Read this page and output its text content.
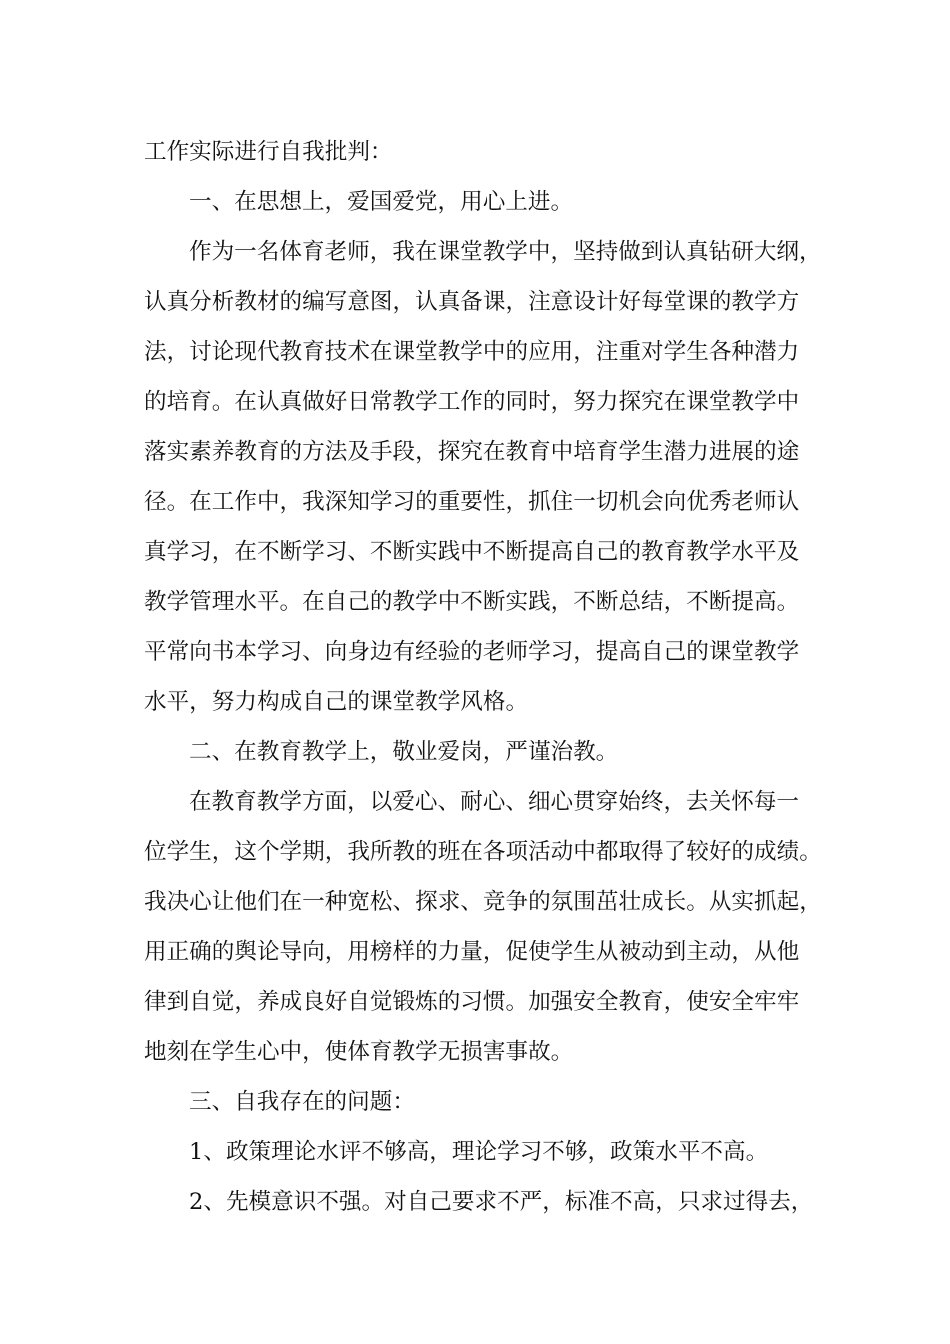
工作实际进行自我批判：

一、在思想上，爱国爱党，用心上进。

作为一名体育老师，我在课堂教学中，坚持做到认真钻研大纲，

认真分析教材的编写意图，认真备课，注意设计好每堂课的教学方

法，讨论现代教育技术在课堂教学中的应用，注重对学生各种潜力

的培育。在认真做好日常教学工作的同时，努力探究在课堂教学中

落实素养教育的方法及手段，探究在教育中培育学生潜力进展的途

径。在工作中，我深知学习的重要性，抓住一切机会向优秀老师认

真学习，在不断学习、不断实践中不断提高自己的教育教学水平及

教学管理水平。在自己的教学中不断实践，不断总结，不断提高。

平常向书本学习、向身边有经验的老师学习，提高自己的课堂教学

水平，努力构成自己的课堂教学风格。

二、在教育教学上，敬业爱岗，严谨治教。

在教育教学方面，以爱心、耐心、细心贯穿始终，去关怀每一

位学生，这个学期，我所教的班在各项活动中都取得了较好的成绩。

我决心让他们在一种宽松、探求、竞争的氛围茁壮成长。从实抓起，

用正确的舆论导向，用榜样的力量，促使学生从被动到主动，从他

律到自觉，养成良好自觉锻炼的习惯。加强安全教育，使安全牢牢

地刻在学生心中，使体育教学无损害事故。

三、自我存在的问题：

1、政策理论水评不够高，理论学习不够，政策水平不高。

2、先模意识不强。对自己要求不严，标准不高，只求过得去，
